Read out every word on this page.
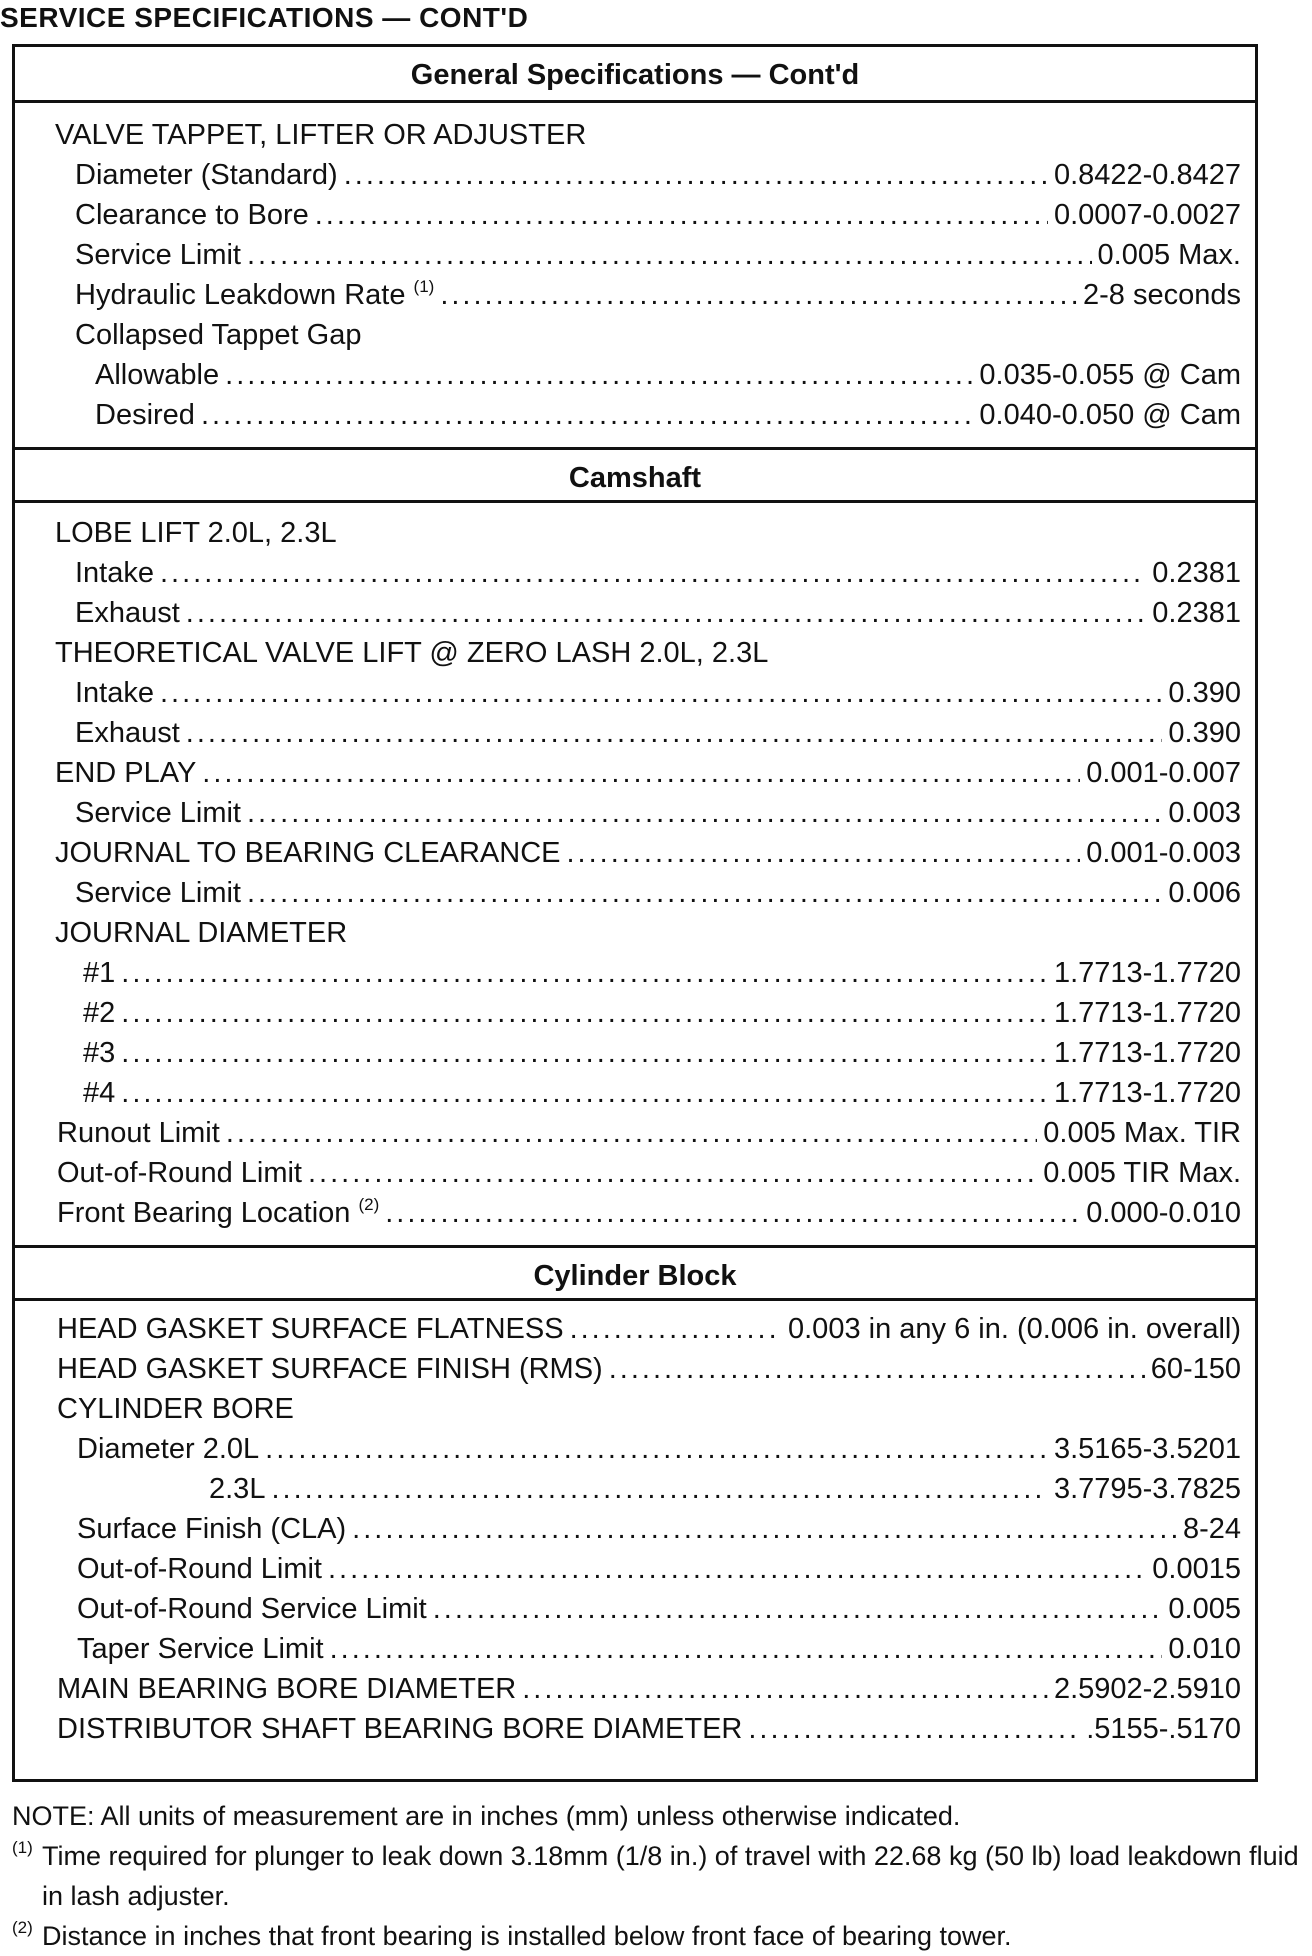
SERVICE SPECIFICATIONS — CONT'D
General Specifications — Cont'd
VALVE TAPPET, LIFTER OR ADJUSTER
Diameter (Standard) .....	0.8422-0.8427
Clearance to Bore .....	0.0007-0.0027
Service Limit .....	0.005 Max.
Hydraulic Leakdown Rate $^{(1)}$ .....	2-8 seconds
Collapsed Tappet Gap
Allowable .....	0.035-0.055 @ Cam
Desired .....	0.040-0.050 @ Cam
Camshaft
LOBE LIFT 2.0L, 2.3L
Intake .....	0.2381
Exhaust .....	0.2381
THEORETICAL VALVE LIFT @ ZERO LASH 2.0L, 2.3L
Intake .....	0.390
Exhaust .....	0.390
END PLAY .....	0.001-0.007
Service Limit .....	0.003
JOURNAL TO BEARING CLEARANCE .....	0.001-0.003
Service Limit .....	0.006
JOURNAL DIAMETER
#1 .....	1.7713-1.7720
#2 .....	1.7713-1.7720
#3 .....	1.7713-1.7720
#4 .....	1.7713-1.7720
Runout Limit .....	0.005 Max. TIR
Out-of-Round Limit .....	0.005 TIR Max.
Front Bearing Location $^{(2)}$ .....	0.000-0.010
Cylinder Block
HEAD GASKET SURFACE FLATNESS .....	0.003 in any 6 in. (0.006 in. overall)
HEAD GASKET SURFACE FINISH (RMS) .....	60-150
CYLINDER BORE
Diameter 2.0L .....	3.5165-3.5201
2.3L .....	3.7795-3.7825
Surface Finish (CLA) .....	8-24
Out-of-Round Limit .....	0.0015
Out-of-Round Service Limit .....	0.005
Taper Service Limit .....	0.010
MAIN BEARING BORE DIAMETER .....	2.5902-2.5910
DISTRIBUTOR SHAFT BEARING BORE DIAMETER .....	.5155-.5170
NOTE: All units of measurement are in inches (mm) unless otherwise indicated.
$^{(1)}$ Time required for plunger to leak down 3.18mm (1/8 in.) of travel with 22.68 kg (50 lb) load leakdown fluid in lash adjuster.
$^{(2)}$ Distance in inches that front bearing is installed below front face of bearing tower.
